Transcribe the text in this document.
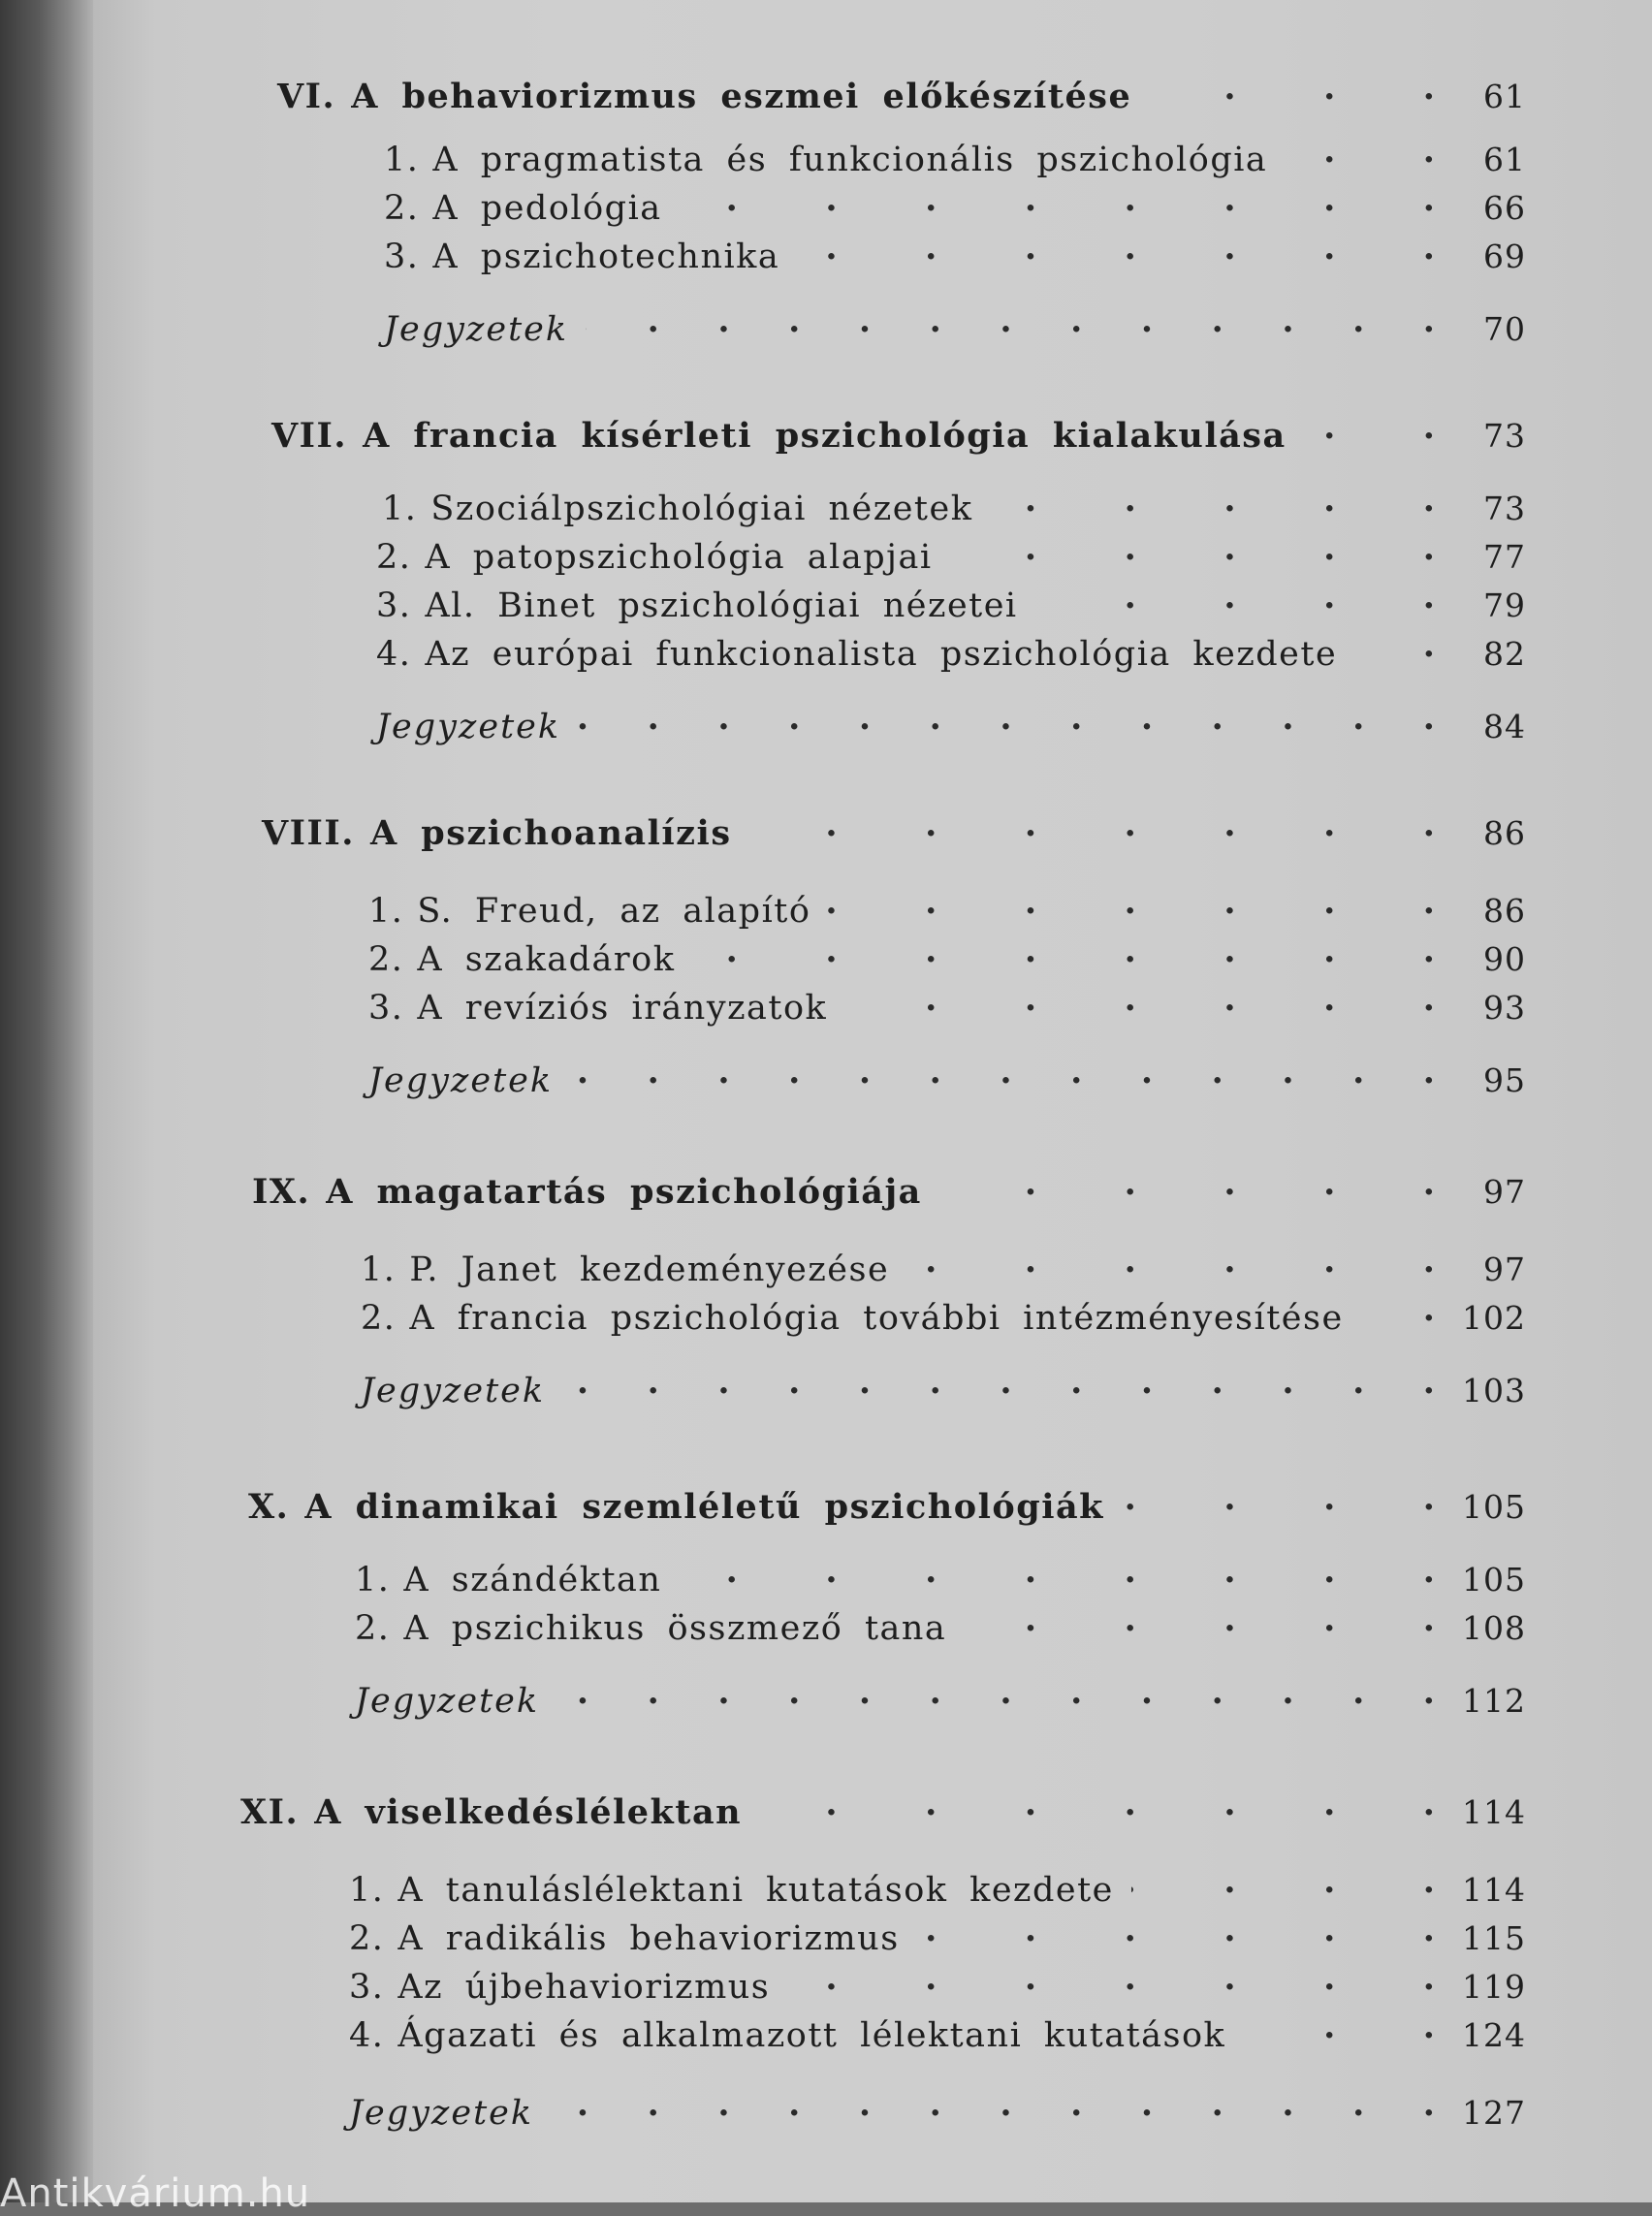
VI. A behaviorizmus eszmei előkészítése .   .	61
1. A pragmatista és funkcionális pszichológia .   .	61
2. A pedológia .   .	66
3. A pszichotechnika .   .	69
Jegyzetek .   .	70
VII. A francia kísérleti pszichológia kialakulása .   .	73
1. Szociálpszichológiai nézetek .   .	73
2. A patopszichológia alapjai .   .	77
3. Al. Binet pszichológiai nézetei .   .	79
4. Az európai funkcionalista pszichológia kezdete .   .	82
Jegyzetek .   .	84
VIII. A pszichoanalízis .   .	86
1. S. Freud, az alapító .   .	86
2. A szakadárok .   .	90
3. A revíziós irányzatok .   .	93
Jegyzetek .   .	95
IX. A magatartás pszichológiája .   .	97
1. P. Janet kezdeményezése .   .	97
2. A francia pszichológia további intézményesítése .   .	102
Jegyzetek .   .	103
X. A dinamikai szemléletű pszichológiák .   .	105
1. A szándéktan .   .	105
2. A pszichikus összmező tana .   .	108
Jegyzetek .   .	112
XI. A viselkedéslélektan .   .	114
1. A tanuláslélektani kutatások kezdete .   .	114
2. A radikális behaviorizmus .   .	115
3. Az újbehaviorizmus .   .	119
4. Ágazati és alkalmazott lélektani kutatások .   .	124
Jegyzetek .   .	127
Antikvárium.hu
